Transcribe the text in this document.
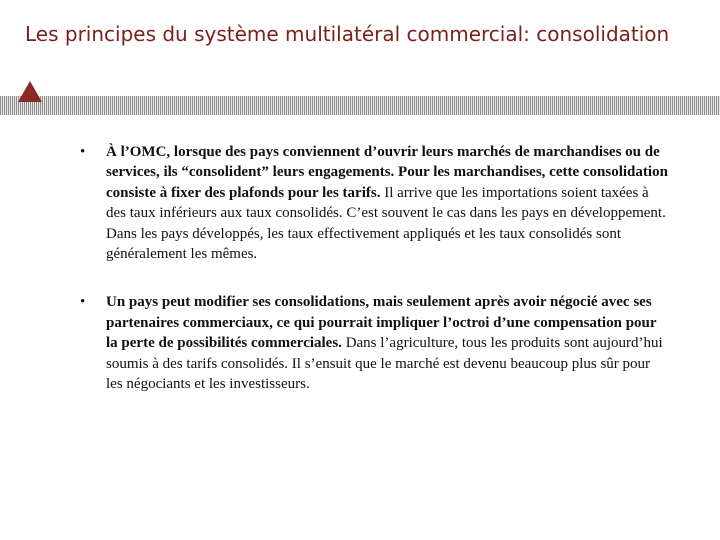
Les principes du système multilatéral commercial: consolidation
• À l’OMC, lorsque des pays conviennent d’ouvrir leurs marchés de marchandises ou de services, ils “consolident” leurs engagements. Pour les marchandises, cette consolidation consiste à fixer des plafonds pour les tarifs. Il arrive que les importations soient taxées à des taux inférieurs aux taux consolidés. C’est souvent le cas dans les pays en développement. Dans les pays développés, les taux effectivement appliqués et les taux consolidés sont généralement les mêmes.
• Un pays peut modifier ses consolidations, mais seulement après avoir négocié avec ses partenaires commerciaux, ce qui pourrait impliquer l’octroi d’une compensation pour la perte de possibilités commerciales. Dans l’agriculture, tous les produits sont aujourd’hui soumis à des tarifs consolidés. Il s’ensuit que le marché est devenu beaucoup plus sûr pour les négociants et les investisseurs.
